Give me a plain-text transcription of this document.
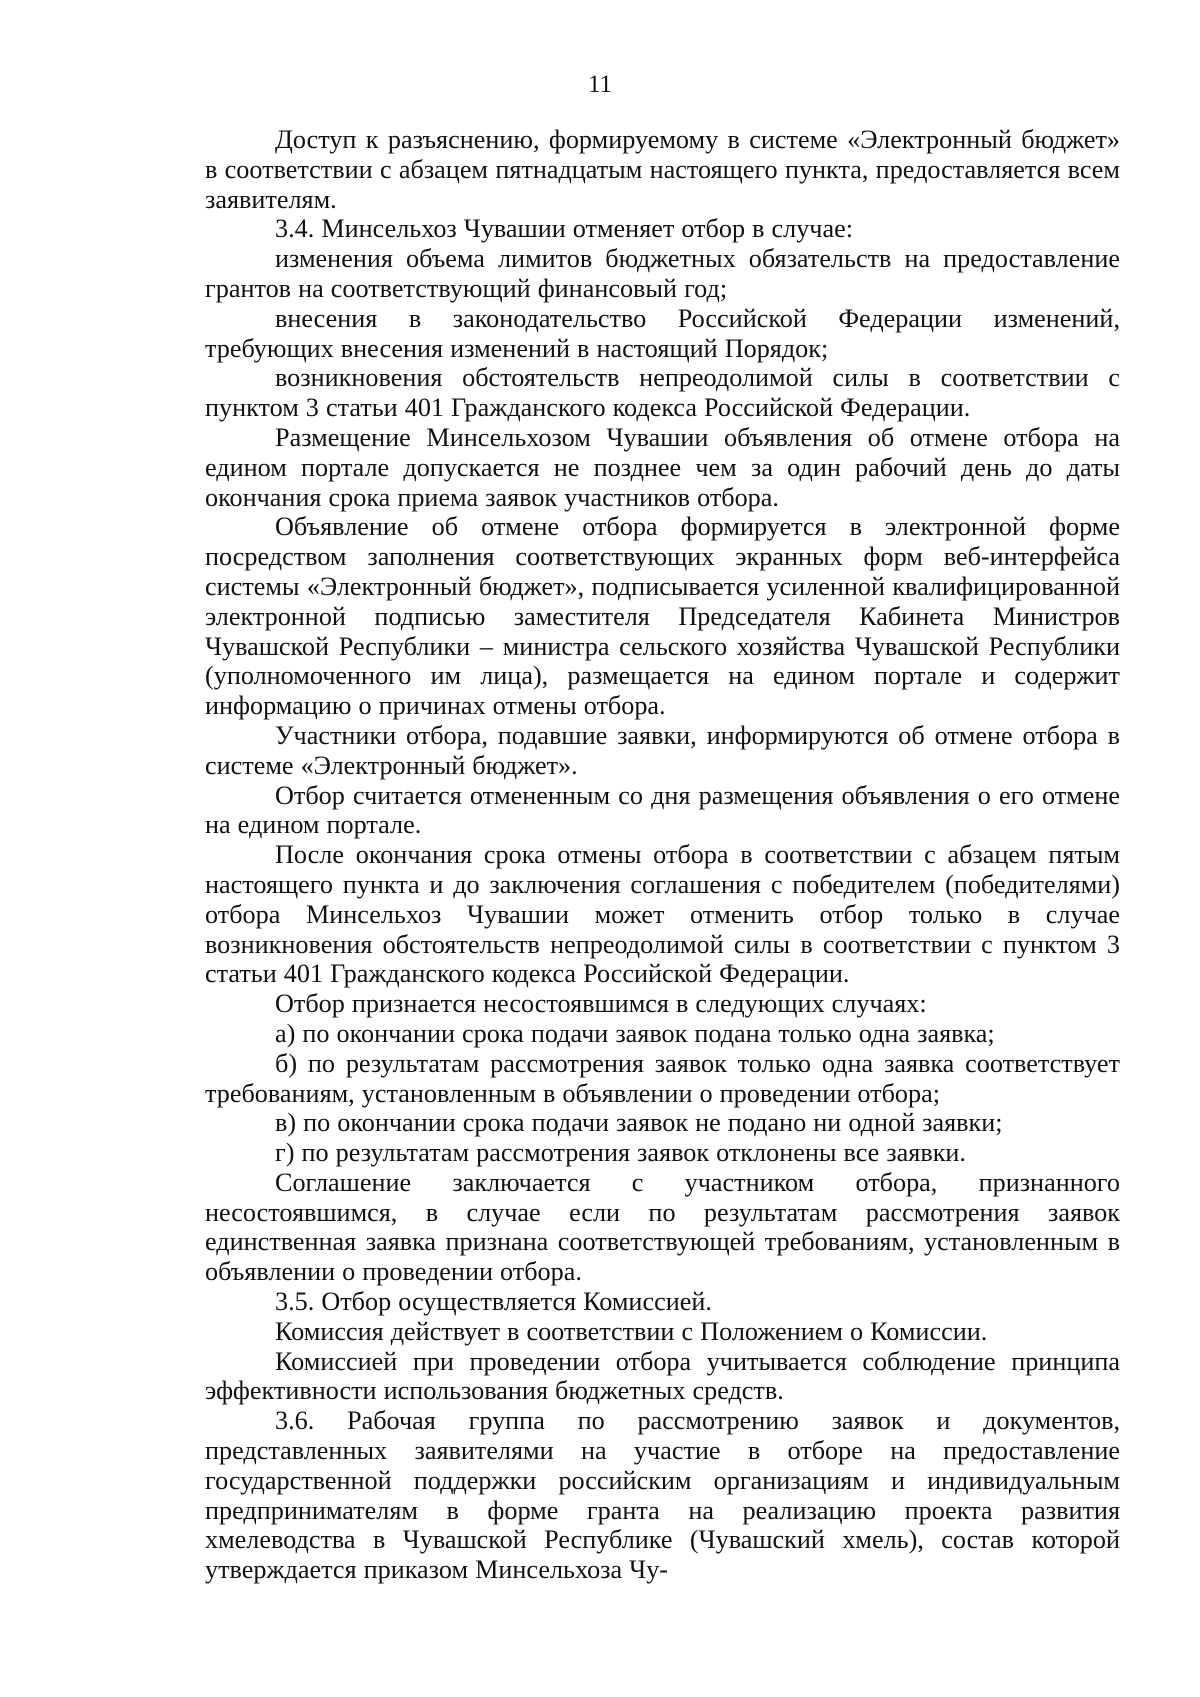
11

Доступ к разъяснению, формируемому в системе «Электронный бюджет» в соответствии с абзацем пятнадцатым настоящего пункта, предоставляется всем заявителям.

3.4. Минсельхоз Чувашии отменяет отбор в случае:

изменения объема лимитов бюджетных обязательств на предоставление грантов на соответствующий финансовый год;

внесения в законодательство Российской Федерации изменений, требующих внесения изменений в настоящий Порядок;

возникновения обстоятельств непреодолимой силы в соответствии с пунктом 3 статьи 401 Гражданского кодекса Российской Федерации.

Размещение Минсельхозом Чувашии объявления об отмене отбора на едином портале допускается не позднее чем за один рабочий день до даты окончания срока приема заявок участников отбора.

Объявление об отмене отбора формируется в электронной форме посредством заполнения соответствующих экранных форм веб-интерфейса системы «Электронный бюджет», подписывается усиленной квалифицированной электронной подписью заместителя Председателя Кабинета Министров Чувашской Республики – министра сельского хозяйства Чувашской Республики (уполномоченного им лица), размещается на едином портале и содержит информацию о причинах отмены отбора.

Участники отбора, подавшие заявки, информируются об отмене отбора в системе «Электронный бюджет».

Отбор считается отмененным со дня размещения объявления о его отмене на едином портале.

После окончания срока отмены отбора в соответствии с абзацем пятым настоящего пункта и до заключения соглашения с победителем (победителями) отбора Минсельхоз Чувашии может отменить отбор только в случае возникновения обстоятельств непреодолимой силы в соответствии с пунктом 3 статьи 401 Гражданского кодекса Российской Федерации.

Отбор признается несостоявшимся в следующих случаях:

а) по окончании срока подачи заявок подана только одна заявка;

б) по результатам рассмотрения заявок только одна заявка соответствует требованиям, установленным в объявлении о проведении отбора;

в) по окончании срока подачи заявок не подано ни одной заявки;

г) по результатам рассмотрения заявок отклонены все заявки.

Соглашение заключается с участником отбора, признанного несостоявшимся, в случае если по результатам рассмотрения заявок единственная заявка признана соответствующей требованиям, установленным в объявлении о проведении отбора.

3.5. Отбор осуществляется Комиссией.

Комиссия действует в соответствии с Положением о Комиссии.

Комиссией при проведении отбора учитывается соблюдение принципа эффективности использования бюджетных средств.

3.6. Рабочая группа по рассмотрению заявок и документов, представленных заявителями на участие в отборе на предоставление государственной поддержки российским организациям и индивидуальным предпринимателям в форме гранта на реализацию проекта развития хмелеводства в Чувашской Республике (Чувашский хмель), состав которой утверждается приказом Минсельхоза Чу-
